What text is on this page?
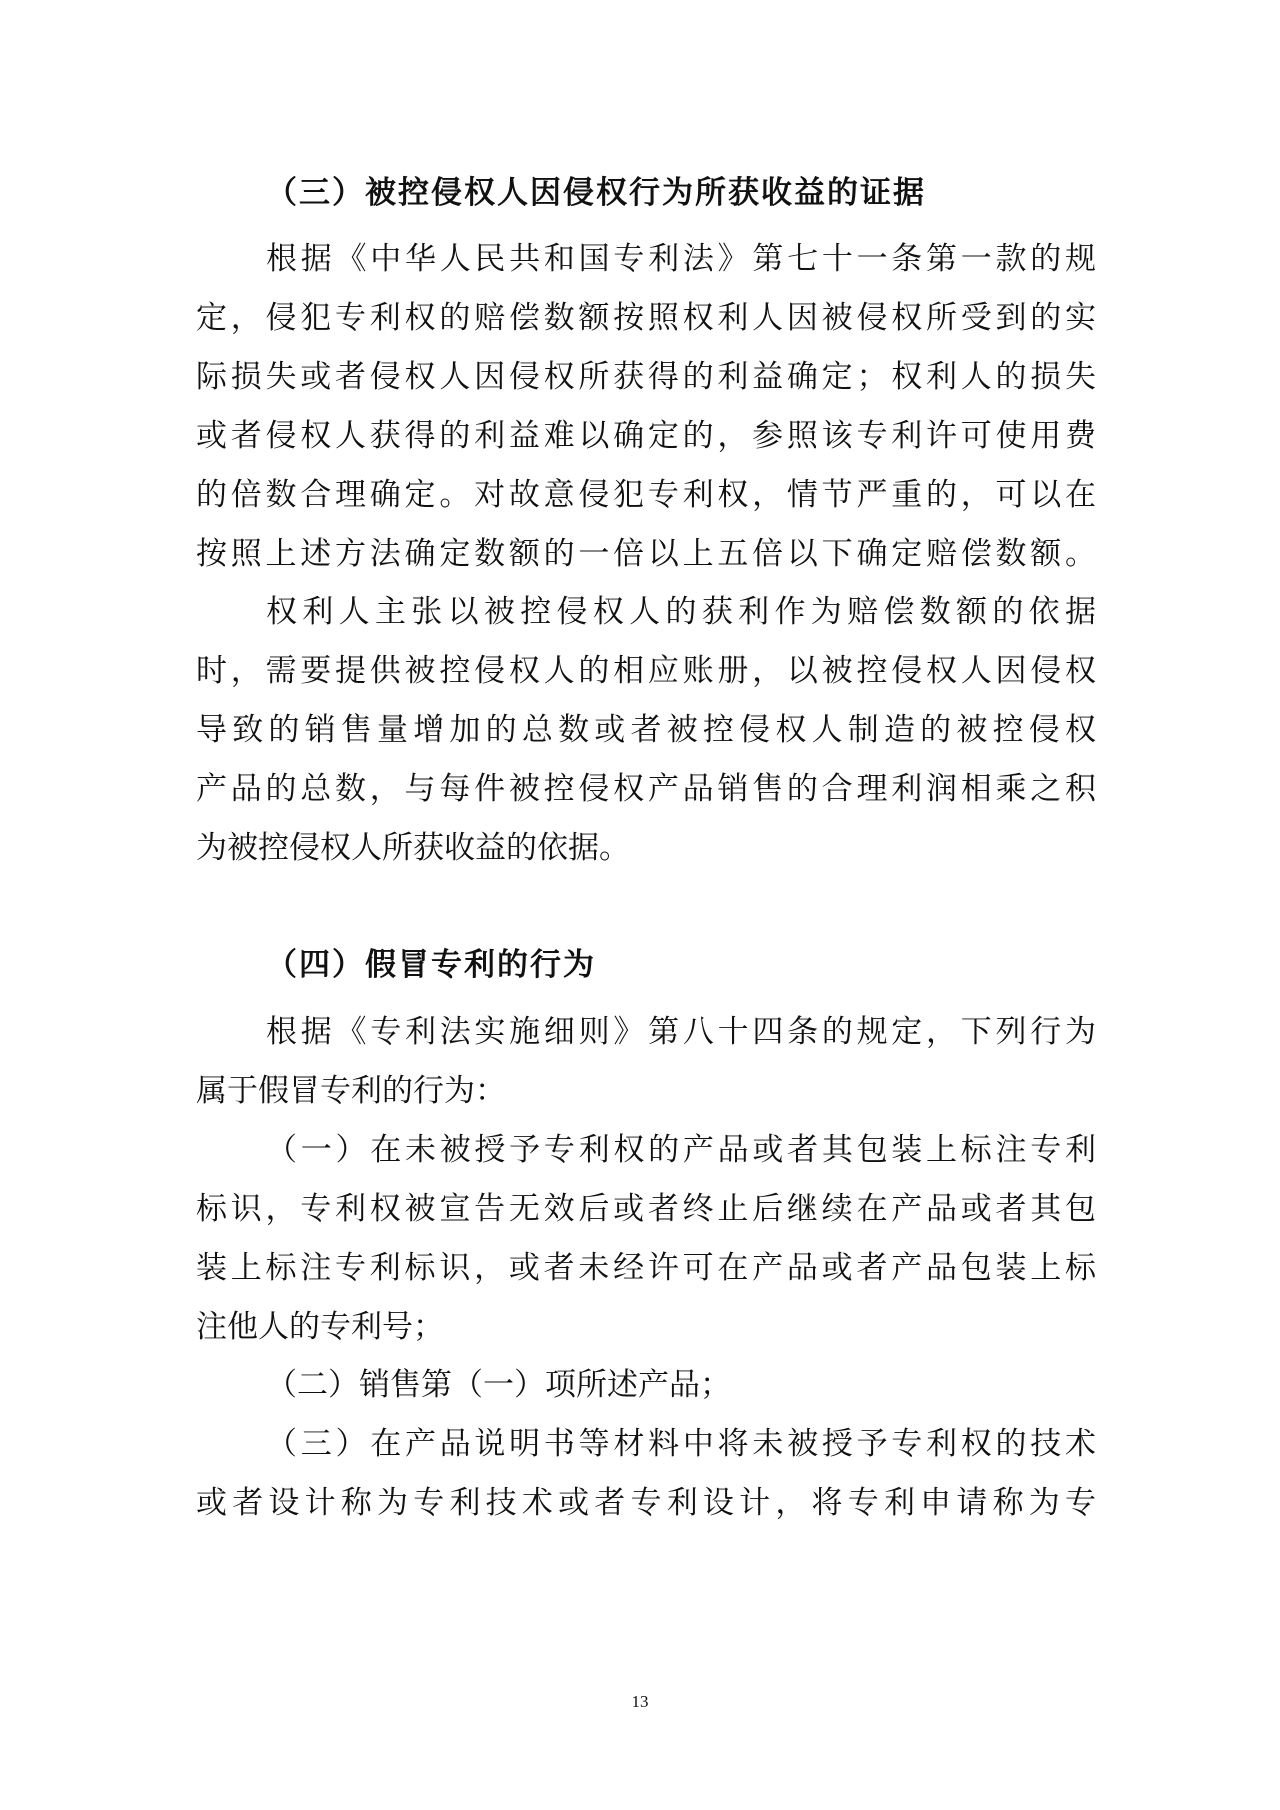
（三）被控侵权人因侵权行为所获收益的证据
根据《中华人民共和国专利法》第七十一条第一款的规
定，侵犯专利权的赔偿数额按照权利人因被侵权所受到的实
际损失或者侵权人因侵权所获得的利益确定；权利人的损失
或者侵权人获得的利益难以确定的，参照该专利许可使用费
的倍数合理确定。对故意侵犯专利权，情节严重的，可以在
按照上述方法确定数额的一倍以上五倍以下确定赔偿数额。
权利人主张以被控侵权人的获利作为赔偿数额的依据
时，需要提供被控侵权人的相应账册，以被控侵权人因侵权
导致的销售量增加的总数或者被控侵权人制造的被控侵权
产品的总数，与每件被控侵权产品销售的合理利润相乘之积
为被控侵权人所获收益的依据。
（四）假冒专利的行为
根据《专利法实施细则》第八十四条的规定，下列行为
属于假冒专利的行为：
（一）在未被授予专利权的产品或者其包装上标注专利
标识，专利权被宣告无效后或者终止后继续在产品或者其包
装上标注专利标识，或者未经许可在产品或者产品包装上标
注他人的专利号；
（二）销售第（一）项所述产品；
（三）在产品说明书等材料中将未被授予专利权的技术
或者设计称为专利技术或者专利设计，将专利申请称为专
13
